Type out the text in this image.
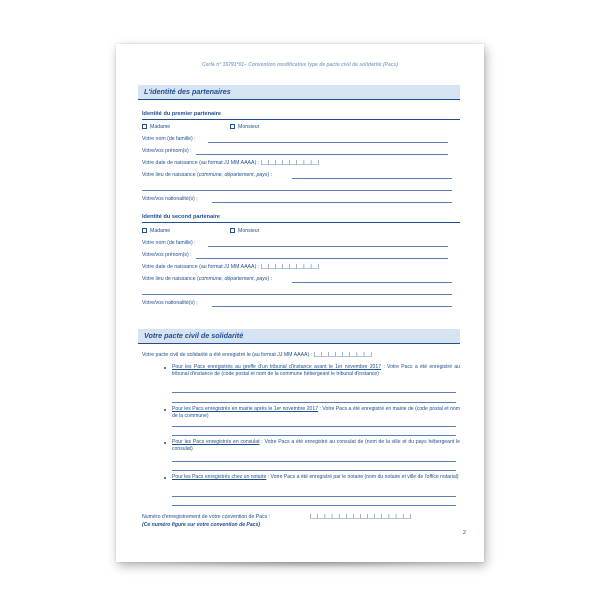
Cerfa n° 15791*01– Convention modificative type de pacte civil de solidarité (Pacs)
L'identité des partenaires
Identité du premier partenaire
Madame	Monsieur
Votre nom (de famille) :
Votre/vos prénom(s) :
Votre date de naissance (au format JJ MM AAAA) : |__|__|__|__|__|__|__|__|
Votre lieu de naissance (commune, département, pays) :
Votre/vos nationalité(s) :
Identité du second partenaire
Madame	Monsieur
Votre nom (de famille) :
Votre/vos prénom(s) :
Votre date de naissance (au format JJ MM AAAA) : |__|__|__|__|__|__|__|__|
Votre lieu de naissance (commune, département, pays) :
Votre/vos nationalité(s) :
Votre pacte civil de solidarité
Votre pacte civil de solidarité a été enregistré le (au format JJ MM AAAA) : |__|__|__|__|__|__|__|__|
Pour les Pacs enregistrés au greffe d'un tribunal d'instance avant le 1er novembre 2017 : Votre Pacs a été enregistré au tribunal d'instance de (code postal et nom de la commune hébergeant le tribunal d'instance)
Pour les Pacs enregistrés en mairie après le 1er novembre 2017 : Votre Pacs a été enregistré en mairie de (code postal et nom de la commune)
Pour les Pacs enregistrés en consulat : Votre Pacs a été enregistré au consulat de (nom de la ville et du pays hébergeant le consulat)
Pour les Pacs enregistrés chez un notaire : Votre Pacs a été enregistré par le notaire (nom du notaire et ville de l'office notarial)
Numéro d'enregistrement de votre convention de Pacs :	|__|__|__|__|__|__|__|__|__|__|__|__|__|__|
(Ce numéro figure sur votre convention de Pacs)
2
